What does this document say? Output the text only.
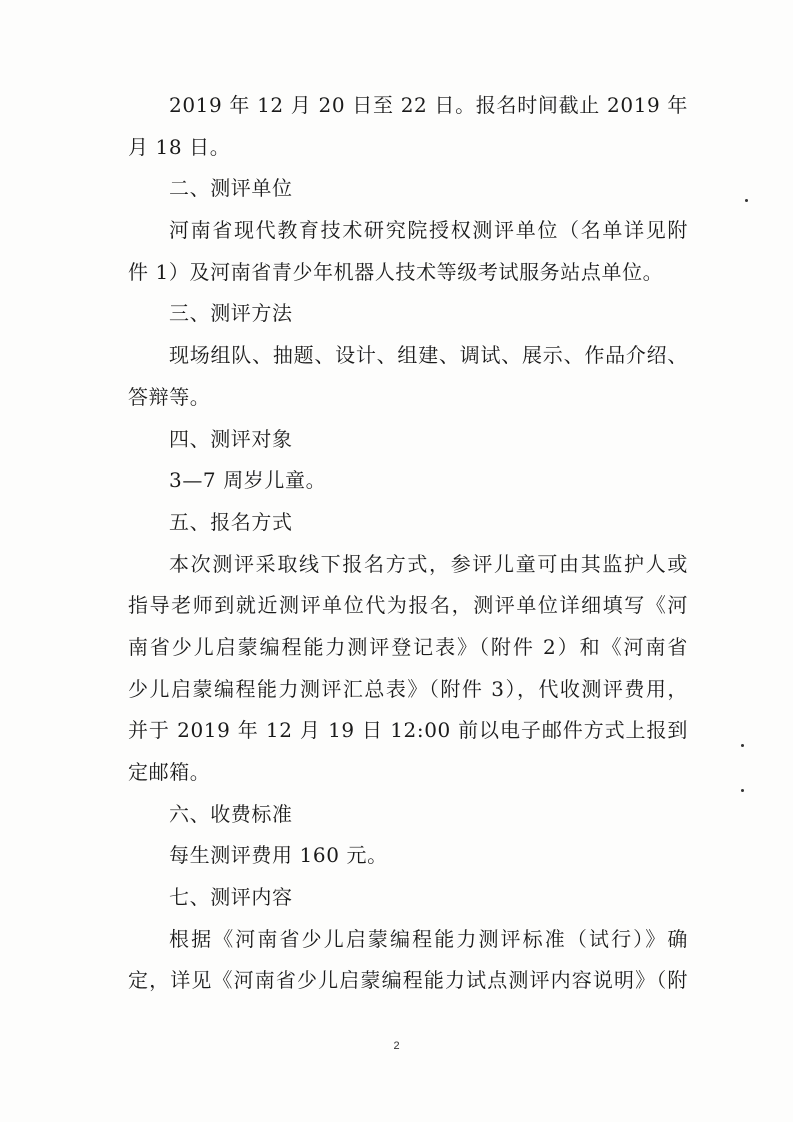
2019 年 12 月 20 日至 22 日。报名时间截止 2019 年
月 18 日。
二、测评单位
河南省现代教育技术研究院授权测评单位（名单详见附
件 1）及河南省青少年机器人技术等级考试服务站点单位。
三、测评方法
现场组队、抽题、设计、组建、调试、展示、作品介绍、
答辩等。
四、测评对象
3—7 周岁儿童。
五、报名方式
本次测评采取线下报名方式，参评儿童可由其监护人或
指导老师到就近测评单位代为报名，测评单位详细填写《河
南省少儿启蒙编程能力测评登记表》（附件 2）和《河南省
少儿启蒙编程能力测评汇总表》（附件 3），代收测评费用，
并于 2019 年 12 月 19 日 12:00 前以电子邮件方式上报到
定邮箱。
六、收费标准
每生测评费用 160 元。
七、测评内容
根据《河南省少儿启蒙编程能力测评标准（试行）》确
定，详见《河南省少儿启蒙编程能力试点测评内容说明》（附
2
